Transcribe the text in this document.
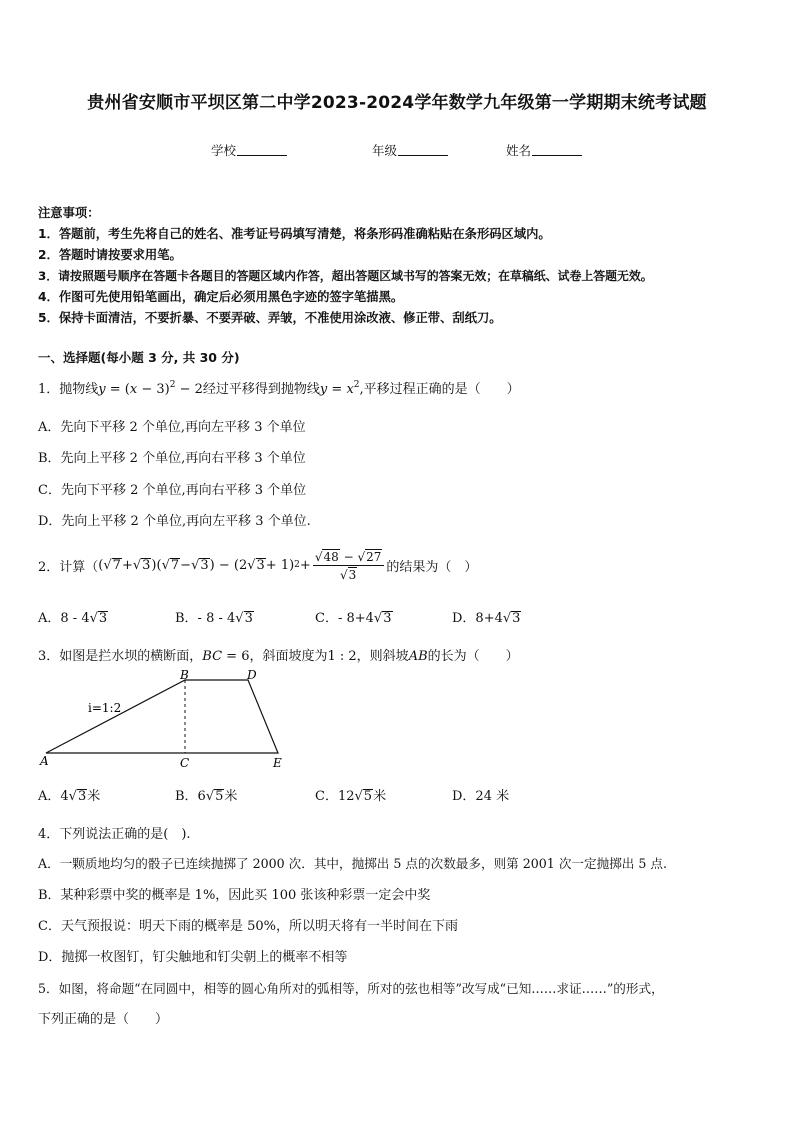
贵州省安顺市平坝区第二中学2023-2024学年数学九年级第一学期期末统考试题
学校	年级	姓名
注意事项：
1．答题前，考生先将自己的姓名、准考证号码填写清楚，将条形码准确粘贴在条形码区域内。
2．答题时请按要求用笔。
3．请按照题号顺序在答题卡各题目的答题区域内作答，超出答题区域书写的答案无效；在草稿纸、试卷上答题无效。
4．作图可先使用铅笔画出，确定后必须用黑色字迹的签字笔描黑。
5．保持卡面清洁，不要折暴、不要弄破、弄皱，不准使用涂改液、修正带、刮纸刀。
一、选择题(每小题 3 分, 共 30 分)
1．抛物线$y = (x - 3)^2 - 2$经过平移得到抛物线$y = x^2$,平移过程正确的是（　　）
A．先向下平移 2 个单位,再向左平移 3 个单位
B．先向上平移 2 个单位,再向右平移 3 个单位
C．先向下平移 2 个单位,再向右平移 3 个单位
D．先向上平移 2 个单位,再向左平移 3 个单位.
2．计算（ ( √7 + √3 )( √7 − √3 ) − (2 √3 + 1) $2 + \frac{√48 - √27}{√3}$ 的结果为（　）
A．8 - 4√3	B．- 8 - 4√3	C．- 8+4√3	D．8+4√3
3．如图是拦水坝的横断面，BC = 6，斜面坡度为1 : 2，则斜坡AB的长为（　　）
A
B
C
D
E
i=1:2
A．4√3米	B．6√5米	C．12√5米	D．24 米
4．下列说法正确的是(　).
A．一颗质地均匀的骰子已连续抛掷了 2000 次．其中，抛掷出 5 点的次数最多，则第 2001 次一定抛掷出 5 点.
B．某种彩票中奖的概率是 1%，因此买 100 张该种彩票一定会中奖
C．天气预报说：明天下雨的概率是 50%，所以明天将有一半时间在下雨
D．抛掷一枚图钉，钉尖触地和钉尖朝上的概率不相等
5．如图，将命题“在同圆中，相等的圆心角所对的弧相等，所对的弦也相等”改写成“已知……求证……”的形式，
下列正确的是（　　）
